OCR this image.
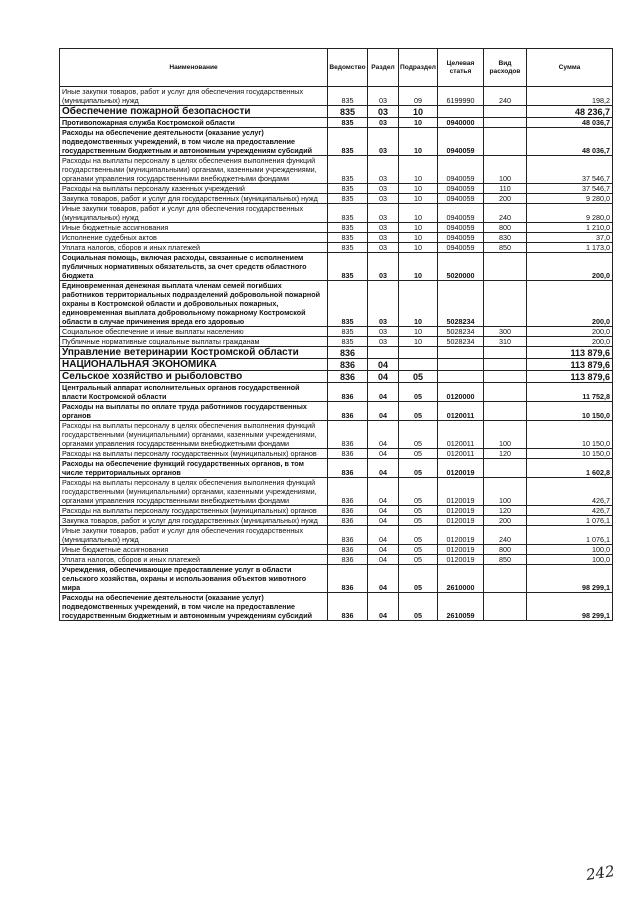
Наименование	Ведомство	Раздел	Подраздел	Целевая статья	Вид расходов	Сумма
Иные закупки товаров, работ и услуг для обеспечения государственных (муниципальных) нужд	835	03	09	6199990	240	198,2
Обеспечение пожарной безопасности	835	03	10			48 236,7
Противопожарная служба Костромской области	835	03	10	0940000		48 036,7
Расходы на обеспечение деятельности (оказание услуг) подведомственных учреждений, в том числе на предоставление государственным бюджетным и автономным учреждениям субсидий	835	03	10	0940059		48 036,7
Расходы на выплаты персоналу в целях обеспечения выполнения функций государственными (муниципальными) органами, казенными учреждениями, органами управления государственными внебюджетными фондами	835	03	10	0940059	100	37 546,7
Расходы на выплаты персоналу казенных учреждений	835	03	10	0940059	110	37 546,7
Закупка товаров, работ и услуг для государственных (муниципальных) нужд	835	03	10	0940059	200	9 280,0
Иные закупки товаров, работ и услуг для обеспечения государственных (муниципальных) нужд	835	03	10	0940059	240	9 280,0
Иные бюджетные ассигнования	835	03	10	0940059	800	1 210,0
Исполнение судебных актов	835	03	10	0940059	830	37,0
Уплата налогов, сборов и иных платежей	835	03	10	0940059	850	1 173,0
Социальная помощь, включая расходы, связанные с исполнением публичных нормативных обязательств, за счет средств областного бюджета	835	03	10	5020000		200,0
Единовременная денежная выплата членам семей погибших работников территориальных подразделений добровольной пожарной охраны в Костромской области и добровольных пожарных, единовременная выплата добровольному пожарному Костромской области в случае причинения вреда его здоровью	835	03	10	5028234		200,0
Социальное обеспечение и иные выплаты населению	835	03	10	5028234	300	200,0
Публичные нормативные социальные выплаты гражданам	835	03	10	5028234	310	200,0
Управление ветеринарии Костромской области	836					113 879,6
НАЦИОНАЛЬНАЯ ЭКОНОМИКА	836	04				113 879,6
Сельское хозяйство и рыболовство	836	04	05			113 879,6
Центральный аппарат исполнительных органов государственной власти Костромской области	836	04	05	0120000		11 752,8
Расходы на выплаты по оплате труда работников государственных органов	836	04	05	0120011		10 150,0
Расходы на выплаты персоналу в целях обеспечения выполнения функций государственными (муниципальными) органами, казенными учреждениями, органами управления государственными внебюджетными фондами	836	04	05	0120011	100	10 150,0
Расходы на выплаты персоналу государственных (муниципальных) органов	836	04	05	0120011	120	10 150,0
Расходы на обеспечение функций государственных органов, в том числе территориальных органов	836	04	05	0120019		1 602,8
Расходы на выплаты персоналу в целях обеспечения выполнения функций государственными (муниципальными) органами, казенными учреждениями, органами управления государственными внебюджетными фондами	836	04	05	0120019	100	426,7
Расходы на выплаты персоналу государственных (муниципальных) органов	836	04	05	0120019	120	426,7
Закупка товаров, работ и услуг для государственных (муниципальных) нужд	836	04	05	0120019	200	1 076,1
Иные закупки товаров, работ и услуг для обеспечения государственных (муниципальных) нужд	836	04	05	0120019	240	1 076,1
Иные бюджетные ассигнования	836	04	05	0120019	800	100,0
Уплата налогов, сборов и иных платежей	836	04	05	0120019	850	100,0
Учреждения, обеспечивающие предоставление услуг в области сельского хозяйства, охраны и использования объектов животного мира	836	04	05	2610000		98 299,1
Расходы на обеспечение деятельности (оказание услуг) подведомственных учреждений, в том числе на предоставление государственным бюджетным и автономным учреждениям субсидий	836	04	05	2610059		98 299,1
242
